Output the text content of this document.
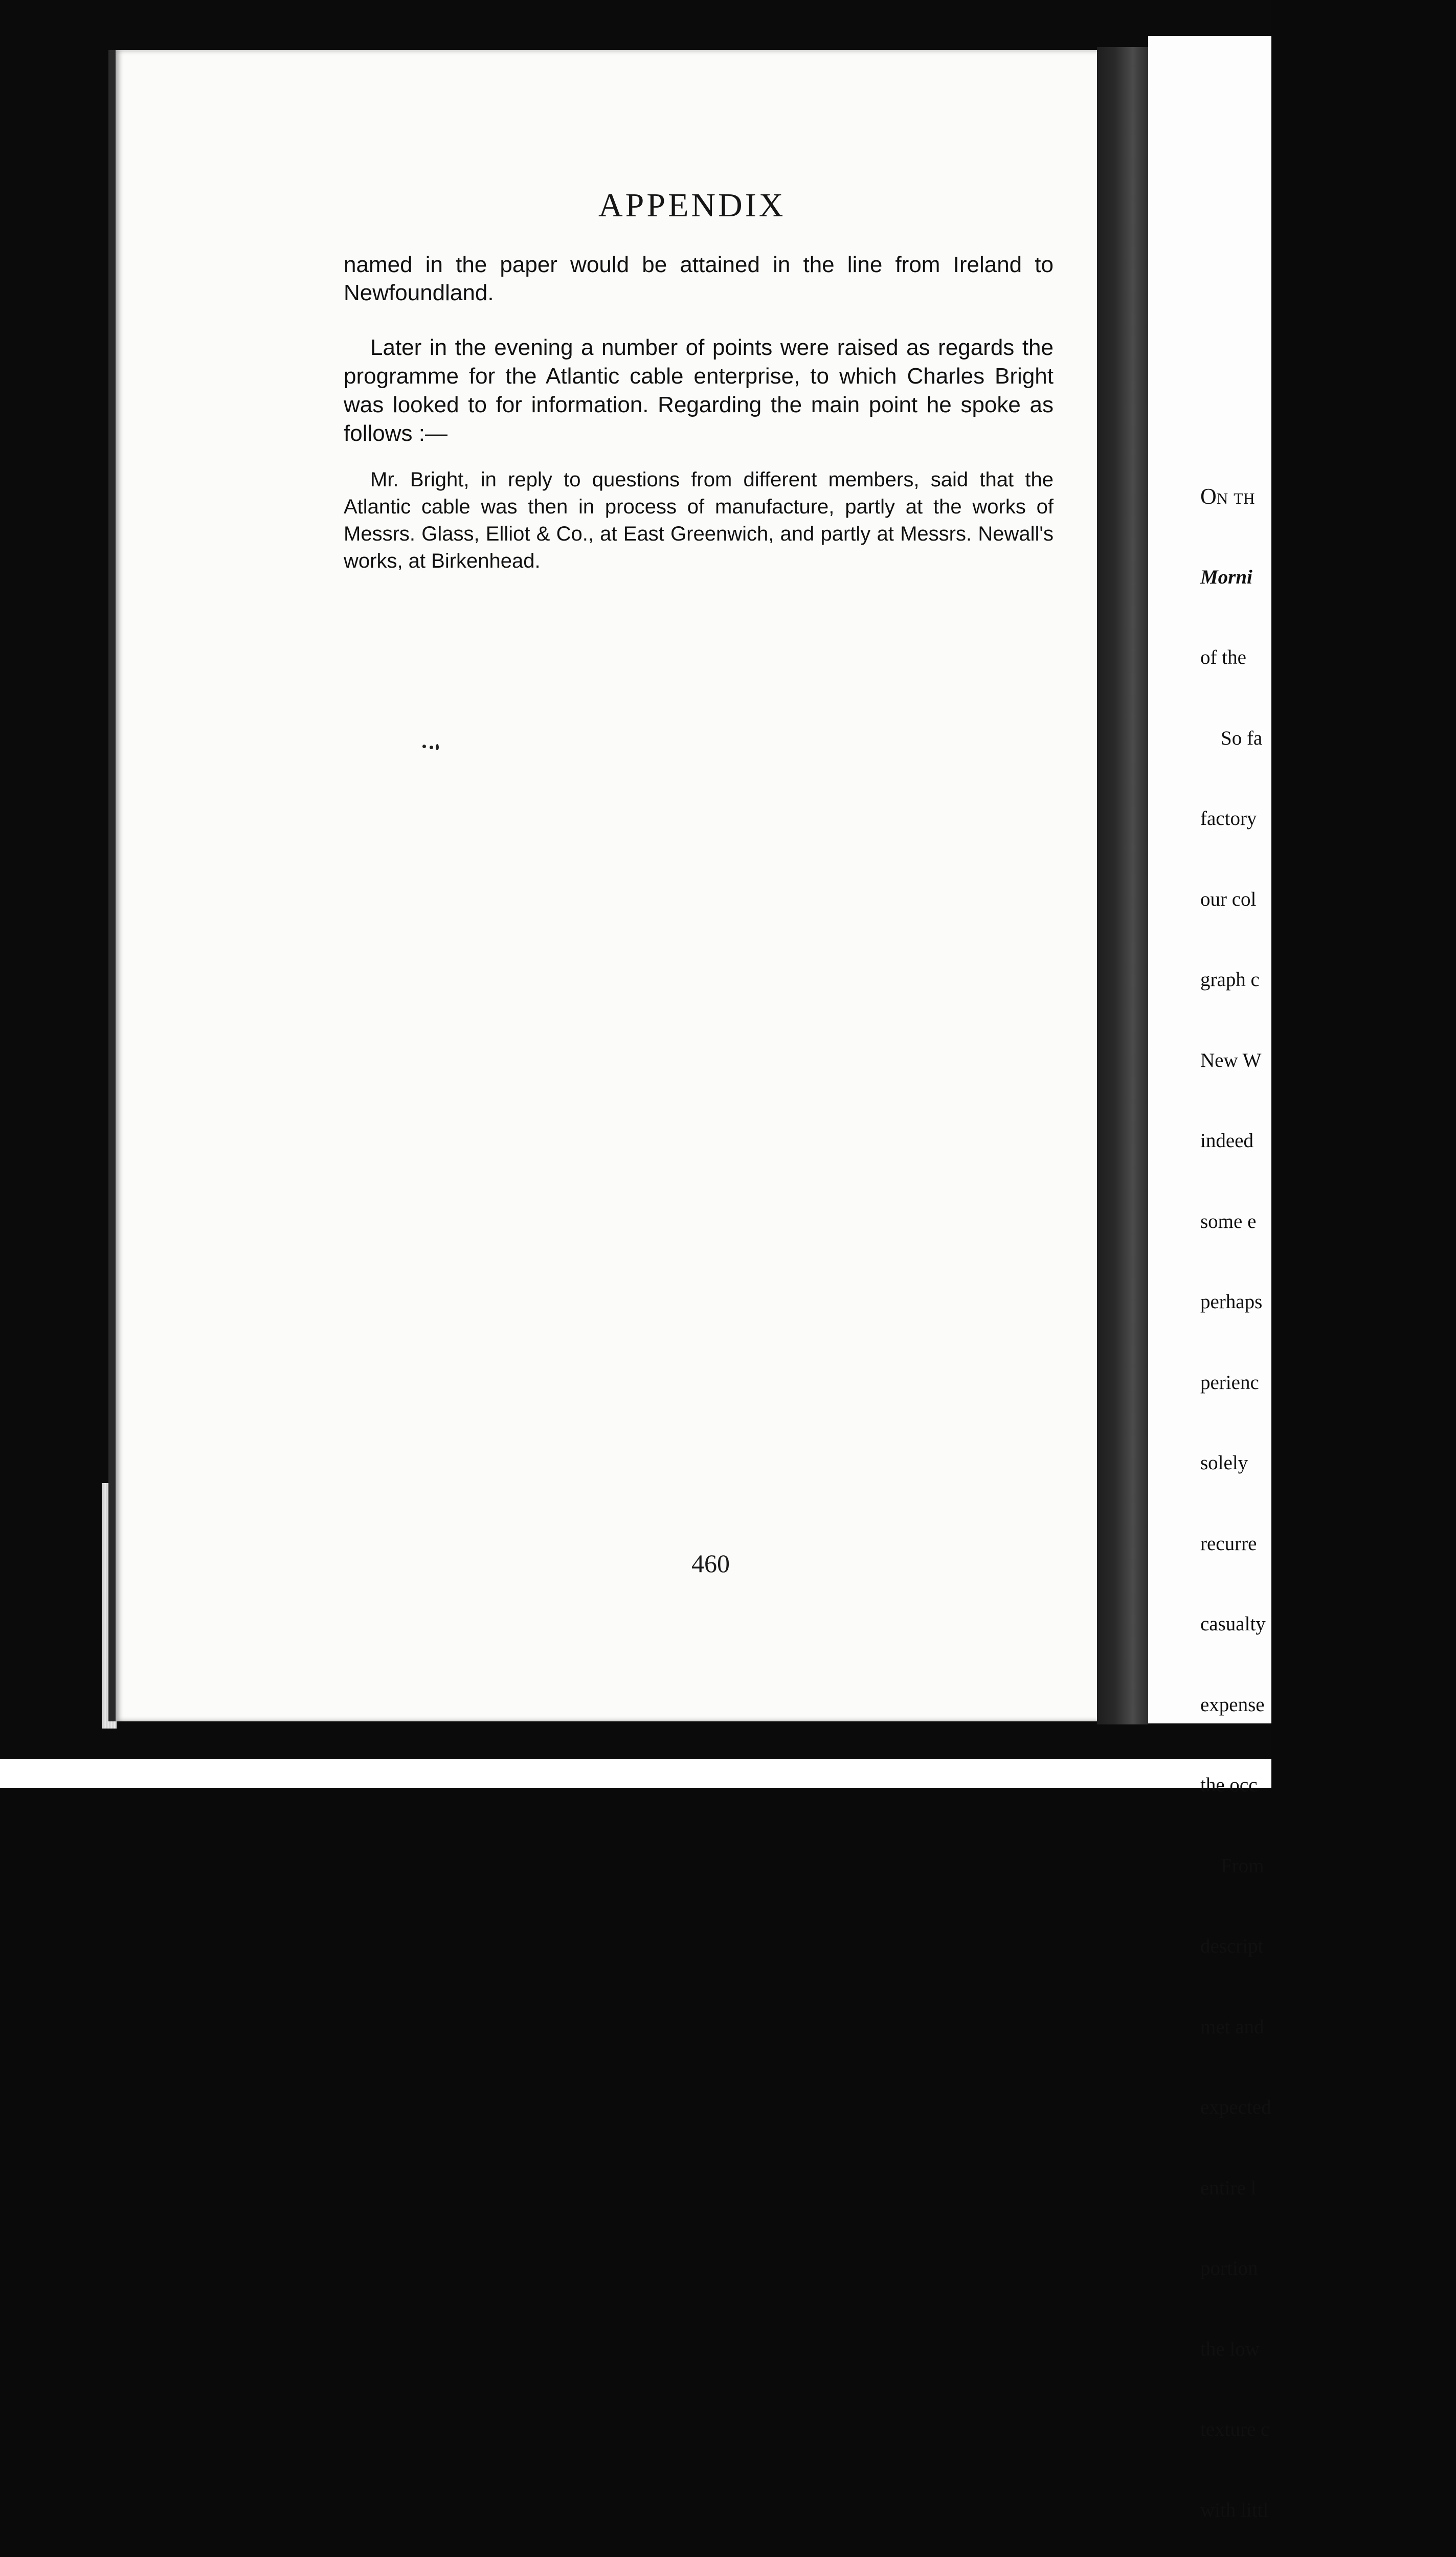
APPENDIX

named in the paper would be attained in the line from Ireland to Newfoundland.

Later in the evening a number of points were raised as regards the programme for the Atlantic cable enterprise, to which Charles Bright was looked to for information. Regarding the main point he spoke as follows :—

Mr. Bright, in reply to questions from different members, said that the Atlantic cable was then in process of manufacture, partly at the works of Messrs. Glass, Elliot & Co., at East Greenwich, and partly at Messrs. Newall's works, at Birkenhead.

460

On th

Morni

of the

So fa

factory

our col

graph c

New W

indeed

some e

perhaps

perienc

solely

recurre

casualty

expense

the occ

From

descript

met and

expected

entire l

portion

the low

texture c

with littl
